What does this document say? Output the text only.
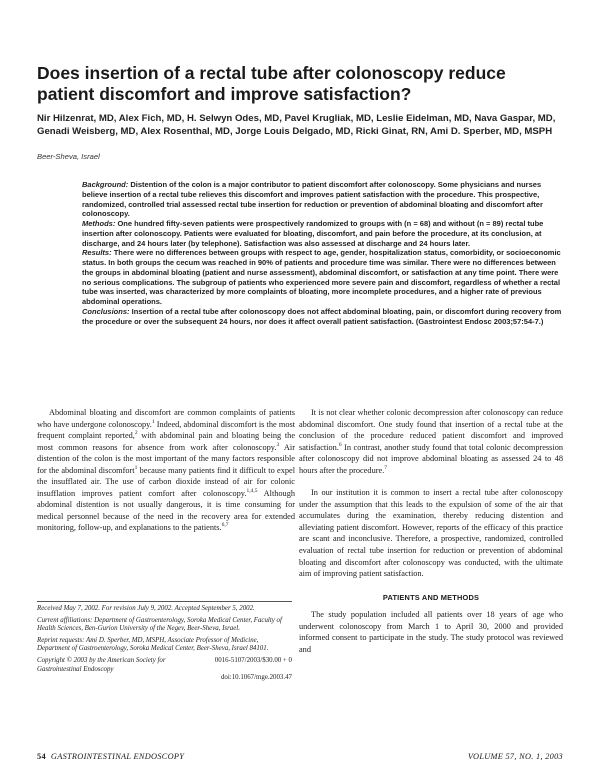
Does insertion of a rectal tube after colonoscopy reduce patient discomfort and improve satisfaction?
Nir Hilzenrat, MD, Alex Fich, MD, H. Selwyn Odes, MD, Pavel Krugliak, MD, Leslie Eidelman, MD, Nava Gaspar, MD, Genadi Weisberg, MD, Alex Rosenthal, MD, Jorge Louis Delgado, MD, Ricki Ginat, RN, Ami D. Sperber, MD, MSPH
Beer-Sheva, Israel

Background: Distention of the colon is a major contributor to patient discomfort after colonoscopy. Some physicians and nurses believe insertion of a rectal tube relieves this discomfort and improves patient satisfaction with the procedure. This prospective, randomized, controlled trial assessed rectal tube insertion for reduction or prevention of abdominal bloating and discomfort after colonoscopy.

Methods: One hundred fifty-seven patients were prospectively randomized to groups with (n = 68) and without (n = 89) rectal tube insertion after colonoscopy. Patients were evaluated for bloating, discomfort, and pain before the procedure, at its conclusion, at discharge, and 24 hours later (by telephone). Satisfaction was also assessed at discharge and 24 hours later.

Results: There were no differences between groups with respect to age, gender, hospitalization status, comorbidity, or socioeconomic status. In both groups the cecum was reached in 90% of patients and procedure time was similar. There were no differences between the groups in abdominal bloating (patient and nurse assessment), abdominal discomfort, or satisfaction at any time point. There were no serious complications. The subgroup of patients who experienced more severe pain and discomfort, regardless of whether a rectal tube was inserted, was characterized by more complaints of bloating, more incomplete procedures, and a higher rate of previous abdominal operations.

Conclusions: Insertion of a rectal tube after colonoscopy does not affect abdominal bloating, pain, or discomfort during recovery from the procedure or over the subsequent 24 hours, nor does it affect overall patient satisfaction. (Gastrointest Endosc 2003;57:54-7.)

Abdominal bloating and discomfort are common complaints of patients who have undergone colonoscopy.$^1$ Indeed, abdominal discomfort is the most frequent complaint reported,$^2$ with abdominal pain and bloating being the most common reasons for absence from work after colonoscopy.$^3$ Air distention of the colon is the most important of the many factors responsible for the abdominal discomfort$^1$ because many patients find it difficult to expel the insufflated air. The use of carbon dioxide instead of air for colonic insufflation improves patient comfort after colonoscopy.$^{1,4,5}$ Although abdominal distention is not usually dangerous, it is time consuming for medical personnel because of the need in the recovery area for extended monitoring, follow-up, and explanations to the patients.$^{6,7}$

Received May 7, 2002. For revision July 9, 2002. Accepted September 5, 2002.

Current affiliations: Department of Gastroenterology, Soroka Medical Center, Faculty of Health Sciences, Ben-Gurion University of the Negev, Beer-Sheva, Israel.

Reprint requests: Ami D. Sperber, MD, MSPH, Associate Professor of Medicine, Department of Gastroenterology, Soroka Medical Center, Beer-Sheva, Israel 84101.

Copyright © 2003 by the American Society for Gastrointestinal Endoscopy
0016-5107/2003/$30.00 + 0
doi:10.1067/mge.2003.47

It is not clear whether colonic decompression after colonoscopy can reduce abdominal discomfort. One study found that insertion of a rectal tube at the conclusion of the procedure reduced patient discomfort and improved satisfaction.$^6$ In contrast, another study found that total colonic decompression after colonoscopy did not improve abdominal bloating as assessed 24 to 48 hours after the procedure.$^7$

In our institution it is common to insert a rectal tube after colonoscopy under the assumption that this leads to the expulsion of some of the air that accumulates during the examination, thereby reducing distention and alleviating patient discomfort. However, reports of the efficacy of this practice are scant and inconclusive. Therefore, a prospective, randomized, controlled evaluation of rectal tube insertion for reduction or prevention of abdominal bloating and discomfort after colonoscopy was conducted, with the ultimate aim of improving patient satisfaction.

PATIENTS AND METHODS

The study population included all patients over 18 years of age who underwent colonoscopy from March 1 to April 30, 2000 and provided informed consent to participate in the study. The study protocol was reviewed and

54 GASTROINTESTINAL ENDOSCOPY	VOLUME 57, NO. 1, 2003
